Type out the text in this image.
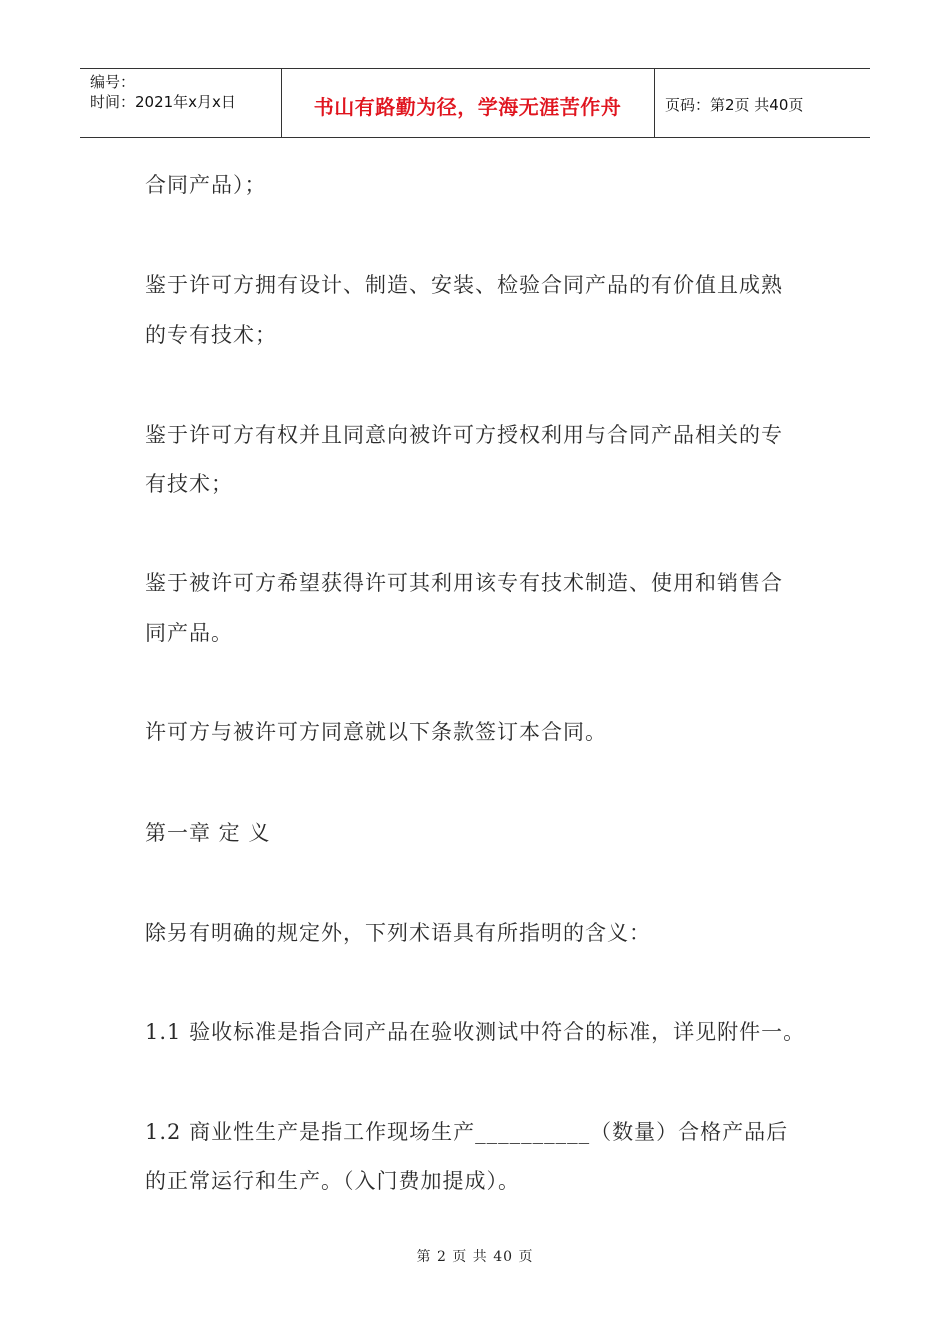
编号：
时间：2021年x月x日	书山有路勤为径，学海无涯苦作舟	页码：第2页 共40页
合同产品）；
鉴于许可方拥有设计、制造、安装、检验合同产品的有价值且成熟
的专有技术；
鉴于许可方有权并且同意向被许可方授权利用与合同产品相关的专
有技术；
鉴于被许可方希望获得许可其利用该专有技术制造、使用和销售合
同产品。
许可方与被许可方同意就以下条款签订本合同。
第一章 定 义
除另有明确的规定外，下列术语具有所指明的含义：
1.1 验收标准是指合同产品在验收测试中符合的标准，详见附件一。
1.2 商业性生产是指工作现场生产__________（数量）合格产品后
的正常运行和生产。（入门费加提成）。
第 2 页 共 40 页
